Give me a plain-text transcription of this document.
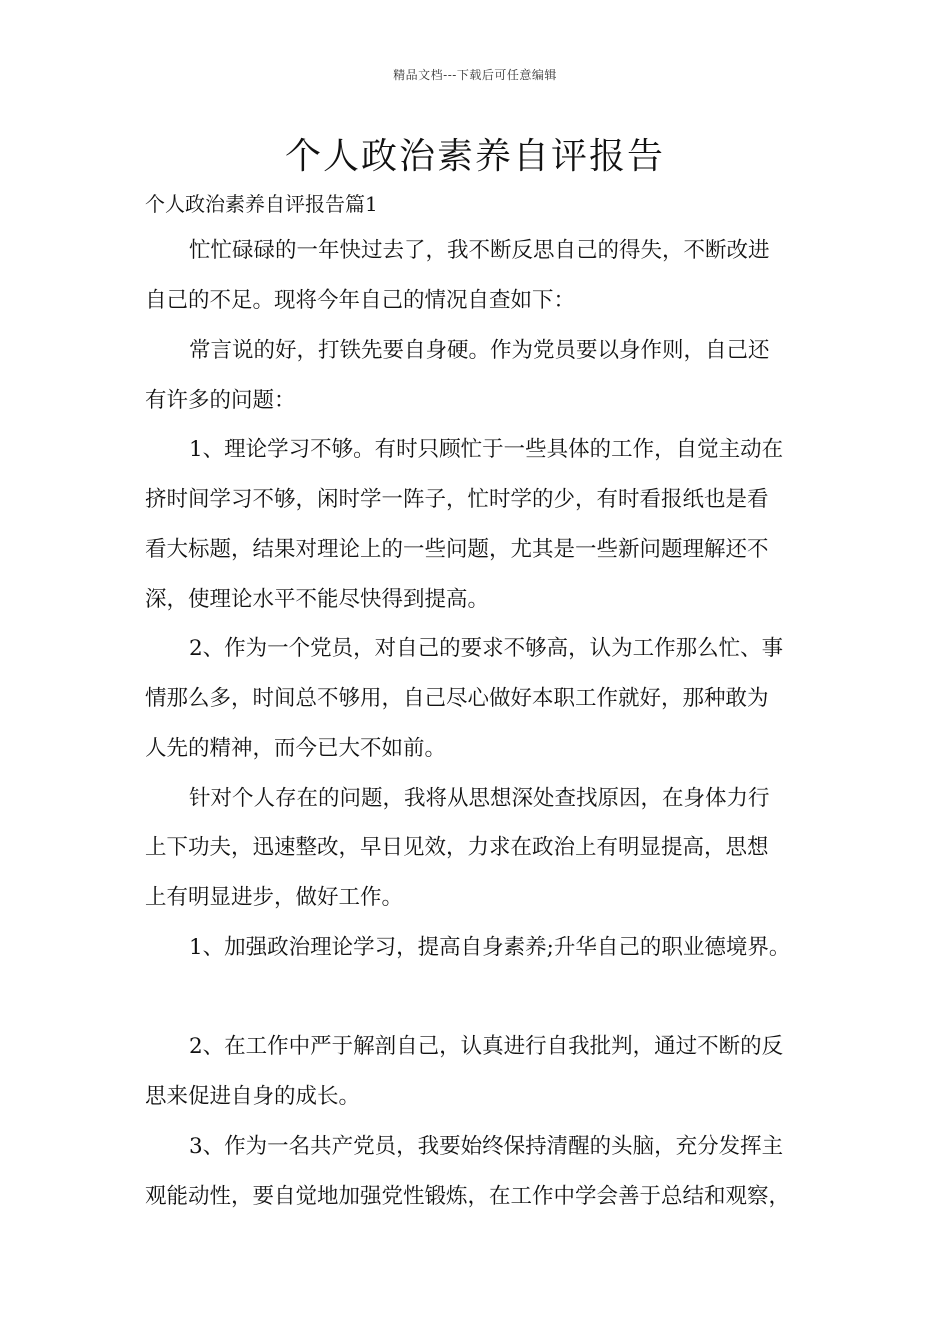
精品文档---下载后可任意编辑
个人政治素养自评报告
个人政治素养自评报告篇1
忙忙碌碌的一年快过去了，我不断反思自己的得失，不断改进
自己的不足。现将今年自己的情况自查如下：
常言说的好，打铁先要自身硬。作为党员要以身作则，自己还
有许多的问题：
1、理论学习不够。有时只顾忙于一些具体的工作，自觉主动在
挤时间学习不够，闲时学一阵子，忙时学的少，有时看报纸也是看
看大标题，结果对理论上的一些问题，尤其是一些新问题理解还不
深，使理论水平不能尽快得到提高。
2、作为一个党员，对自己的要求不够高，认为工作那么忙、事
情那么多，时间总不够用，自己尽心做好本职工作就好，那种敢为
人先的精神，而今已大不如前。
针对个人存在的问题，我将从思想深处查找原因，在身体力行
上下功夫，迅速整改，早日见效，力求在政治上有明显提高，思想
上有明显进步，做好工作。
1、加强政治理论学习，提高自身素养;升华自己的职业德境界。
2、在工作中严于解剖自己，认真进行自我批判，通过不断的反
思来促进自身的成长。
3、作为一名共产党员，我要始终保持清醒的头脑，充分发挥主
观能动性，要自觉地加强党性锻炼，在工作中学会善于总结和观察，
